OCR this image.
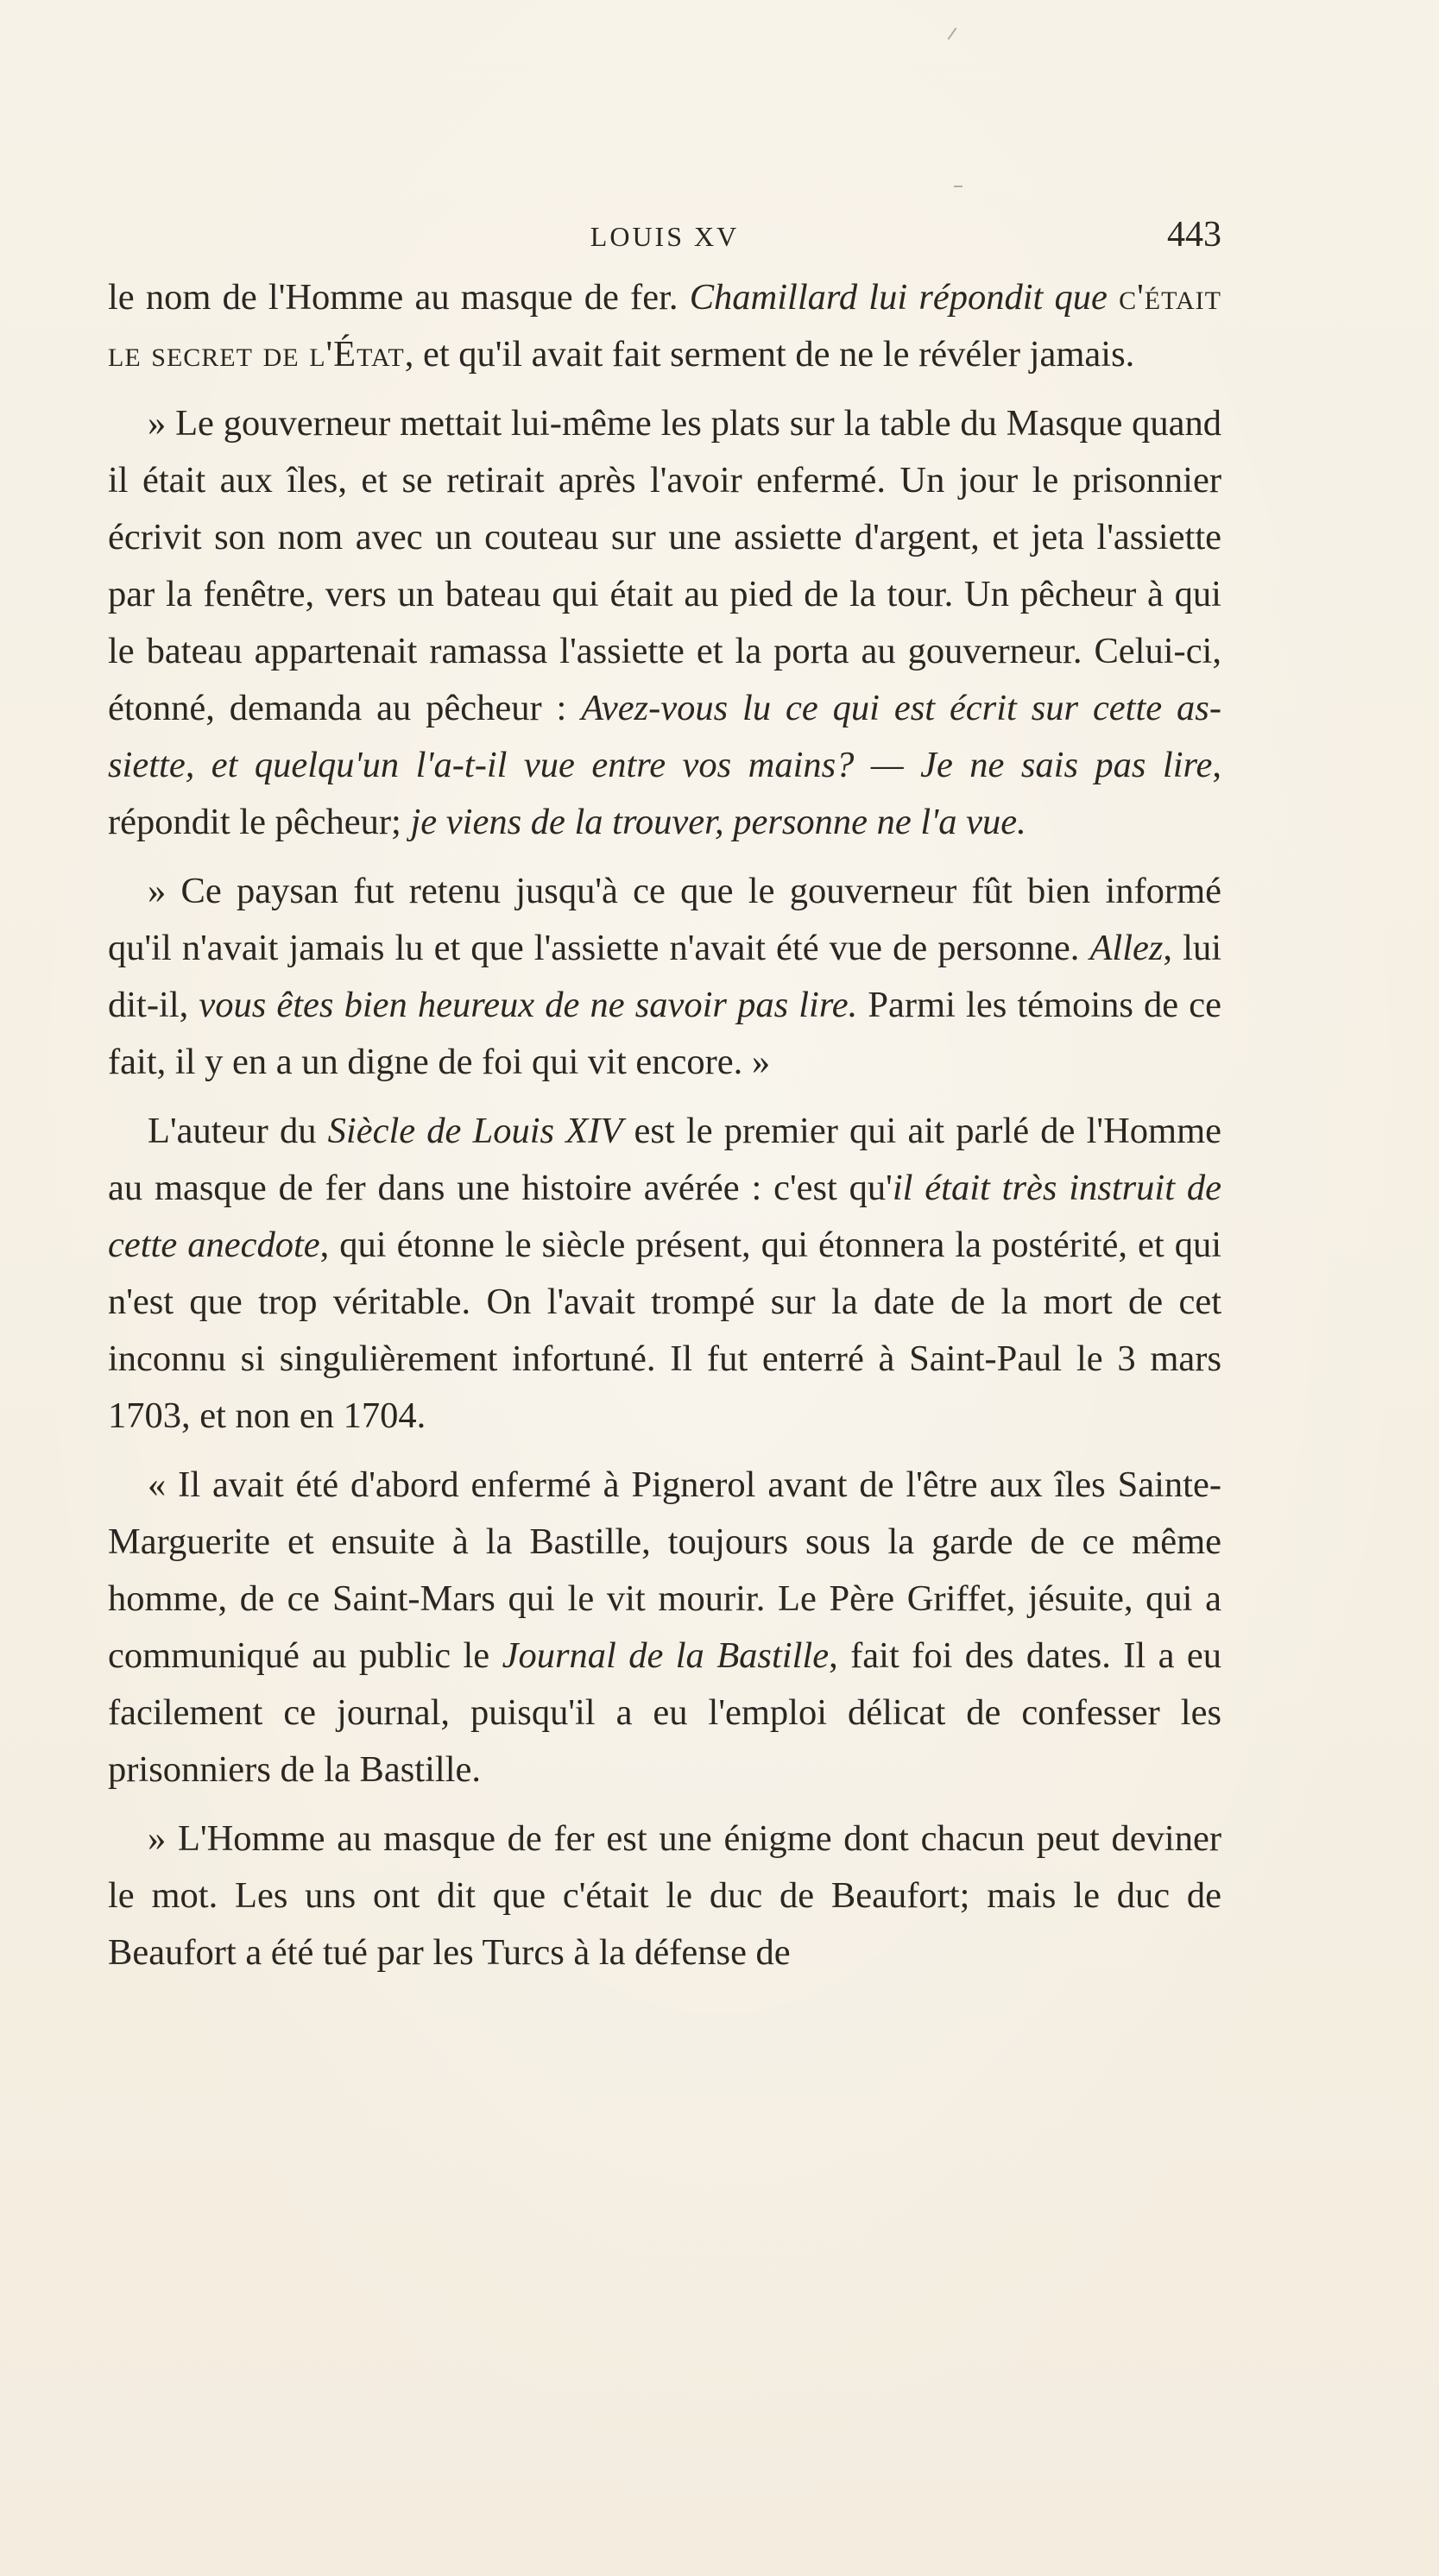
LOUIS XV	443

le nom de l'Homme au masque de fer. Chamillard lui répondit que c'était le secret de l'État, et qu'il avait fait serment de ne le révéler jamais.

» Le gouverneur mettait lui-même les plats sur la table du Masque quand il était aux îles, et se retirait après l'avoir enfermé. Un jour le prisonnier écrivit son nom avec un couteau sur une assiette d'argent, et jeta l'assiette par la fenêtre, vers un bateau qui était au pied de la tour. Un pêcheur à qui le bateau appartenait ramassa l'assiette et la porta au gouverneur. Celui-ci, étonné, demanda au pêcheur : Avez-vous lu ce qui est écrit sur cette assiette, et quelqu'un l'a-t-il vue entre vos mains? — Je ne sais pas lire, répondit le pêcheur; je viens de la trouver, personne ne l'a vue.

» Ce paysan fut retenu jusqu'à ce que le gouverneur fût bien informé qu'il n'avait jamais lu et que l'assiette n'avait été vue de personne. Allez, lui dit-il, vous êtes bien heureux de ne savoir pas lire. Parmi les témoins de ce fait, il y en a un digne de foi qui vit encore. »

L'auteur du Siècle de Louis XIV est le premier qui ait parlé de l'Homme au masque de fer dans une histoire avérée : c'est qu'il était très instruit de cette anecdote, qui étonne le siècle présent, qui étonnera la postérité, et qui n'est que trop véritable. On l'avait trompé sur la date de la mort de cet inconnu si singulièrement infortuné. Il fut enterré à Saint-Paul le 3 mars 1703, et non en 1704.

« Il avait été d'abord enfermé à Pignerol avant de l'être aux îles Sainte-Marguerite et ensuite à la Bastille, toujours sous la garde de ce même homme, de ce Saint-Mars qui le vit mourir. Le Père Griffet, jésuite, qui a communiqué au public le Journal de la Bastille, fait foi des dates. Il a eu facilement ce journal, puisqu'il a eu l'emploi délicat de confesser les prisonniers de la Bastille.

» L'Homme au masque de fer est une énigme dont chacun peut deviner le mot. Les uns ont dit que c'était le duc de Beaufort; mais le duc de Beaufort a été tué par les Turcs à la défense de
